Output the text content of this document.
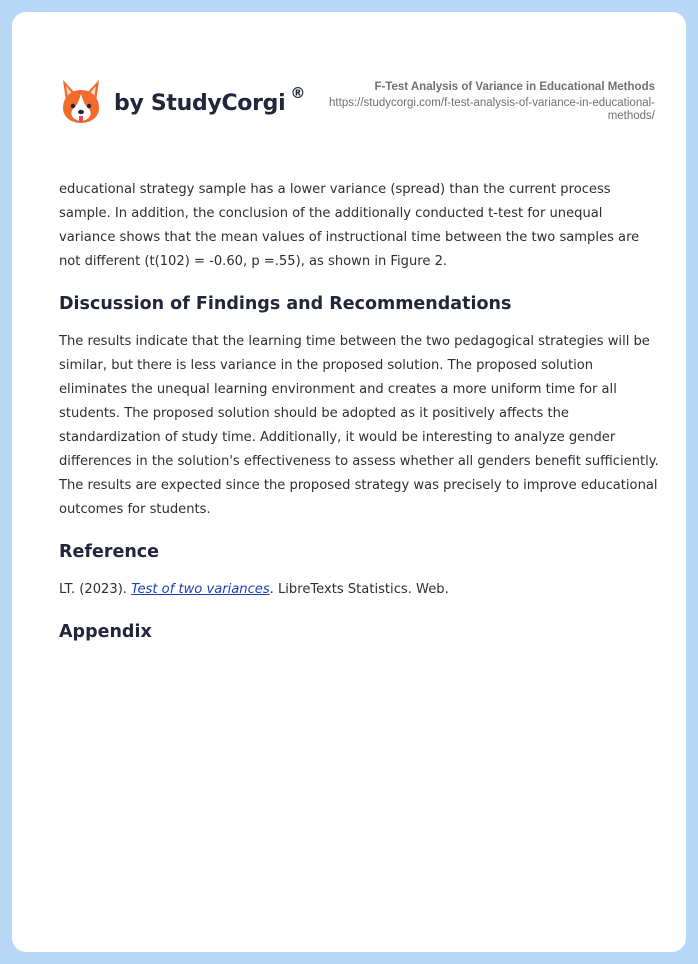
by StudyCorgi ®	F-Test Analysis of Variance in Educational Methods
https://studycorgi.com/f-test-analysis-of-variance-in-educational-methods/

educational strategy sample has a lower variance (spread) than the current process sample. In addition, the conclusion of the additionally conducted t-test for unequal variance shows that the mean values of instructional time between the two samples are not different (t(102) = -0.60, p =.55), as shown in Figure 2.

Discussion of Findings and Recommendations

The results indicate that the learning time between the two pedagogical strategies will be similar, but there is less variance in the proposed solution. The proposed solution eliminates the unequal learning environment and creates a more uniform time for all students. The proposed solution should be adopted as it positively affects the standardization of study time. Additionally, it would be interesting to analyze gender differences in the solution's effectiveness to assess whether all genders benefit sufficiently. The results are expected since the proposed strategy was precisely to improve educational outcomes for students.

Reference

LT. (2023). Test of two variances. LibreTexts Statistics. Web.

Appendix
